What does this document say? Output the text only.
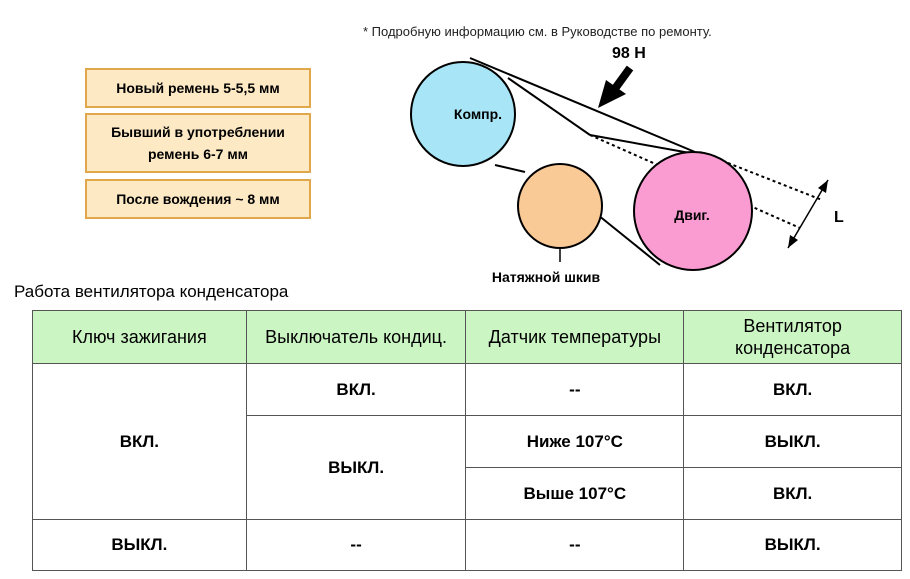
* Подробную информацию см. в Руководстве по ремонту.
Новый ремень 5-5,5 мм
Бывший в употреблении
ремень 6-7 мм
После вождения ~ 8 мм
L
Компр.
Двиг.
Натяжной шкив
98 Н
Работа вентилятора конденсатора
Ключ зажигания	Выключатель кондиц.	Датчик температуры	Вентилятор конденсатора
ВКЛ.	ВКЛ.	--	ВКЛ.
	ВЫКЛ.	Ниже 107°C	ВЫКЛ.
		Выше 107°C	ВКЛ.
ВЫКЛ.	--	--	ВЫКЛ.
